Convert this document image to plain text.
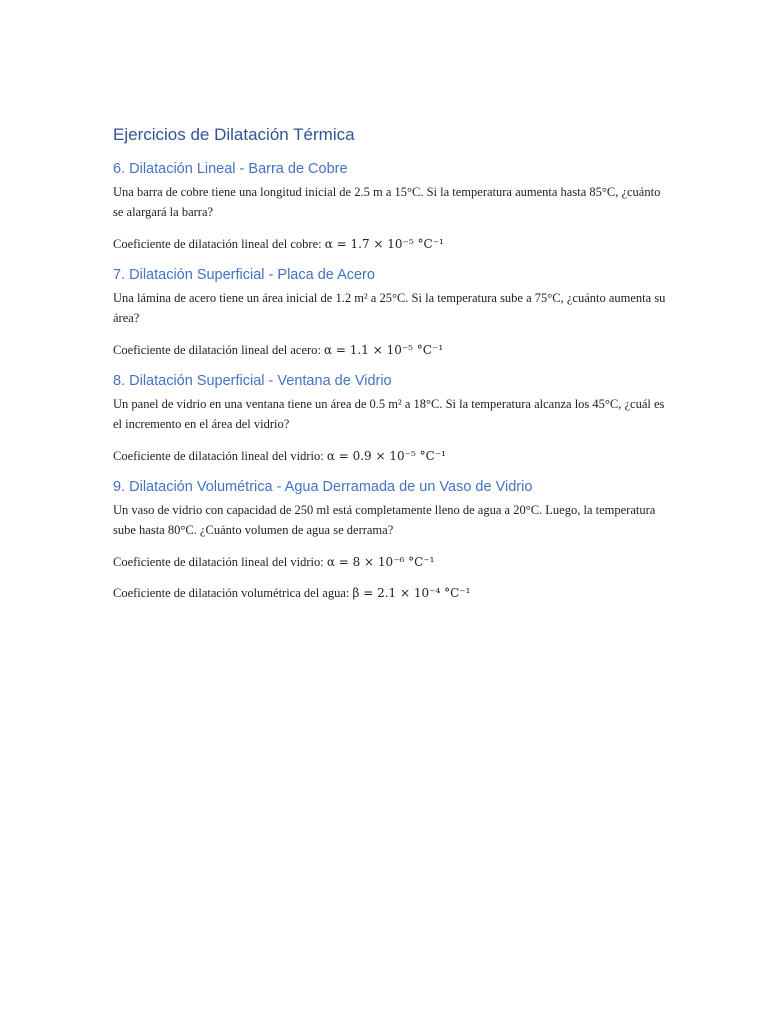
Ejercicios de Dilatación Térmica
6. Dilatación Lineal - Barra de Cobre

Una barra de cobre tiene una longitud inicial de 2.5 m a 15°C. Si la temperatura aumenta hasta 85°C, ¿cuánto se alargará la barra?

Coeficiente de dilatación lineal del cobre: α = 1.7 × 10⁻⁵ °C⁻¹

7. Dilatación Superficial - Placa de Acero

Una lámina de acero tiene un área inicial de 1.2 m² a 25°C. Si la temperatura sube a 75°C, ¿cuánto aumenta su área?

Coeficiente de dilatación lineal del acero: α = 1.1 × 10⁻⁵ °C⁻¹

8. Dilatación Superficial - Ventana de Vidrio

Un panel de vidrio en una ventana tiene un área de 0.5 m² a 18°C. Si la temperatura alcanza los 45°C, ¿cuál es el incremento en el área del vidrio?

Coeficiente de dilatación lineal del vidrio: α = 0.9 × 10⁻⁵ °C⁻¹

9. Dilatación Volumétrica - Agua Derramada de un Vaso de Vidrio

Un vaso de vidrio con capacidad de 250 ml está completamente lleno de agua a 20°C. Luego, la temperatura sube hasta 80°C. ¿Cuánto volumen de agua se derrama?

Coeficiente de dilatación lineal del vidrio: α = 8 × 10⁻⁶ °C⁻¹

Coeficiente de dilatación volumétrica del agua: β = 2.1 × 10⁻⁴ °C⁻¹
